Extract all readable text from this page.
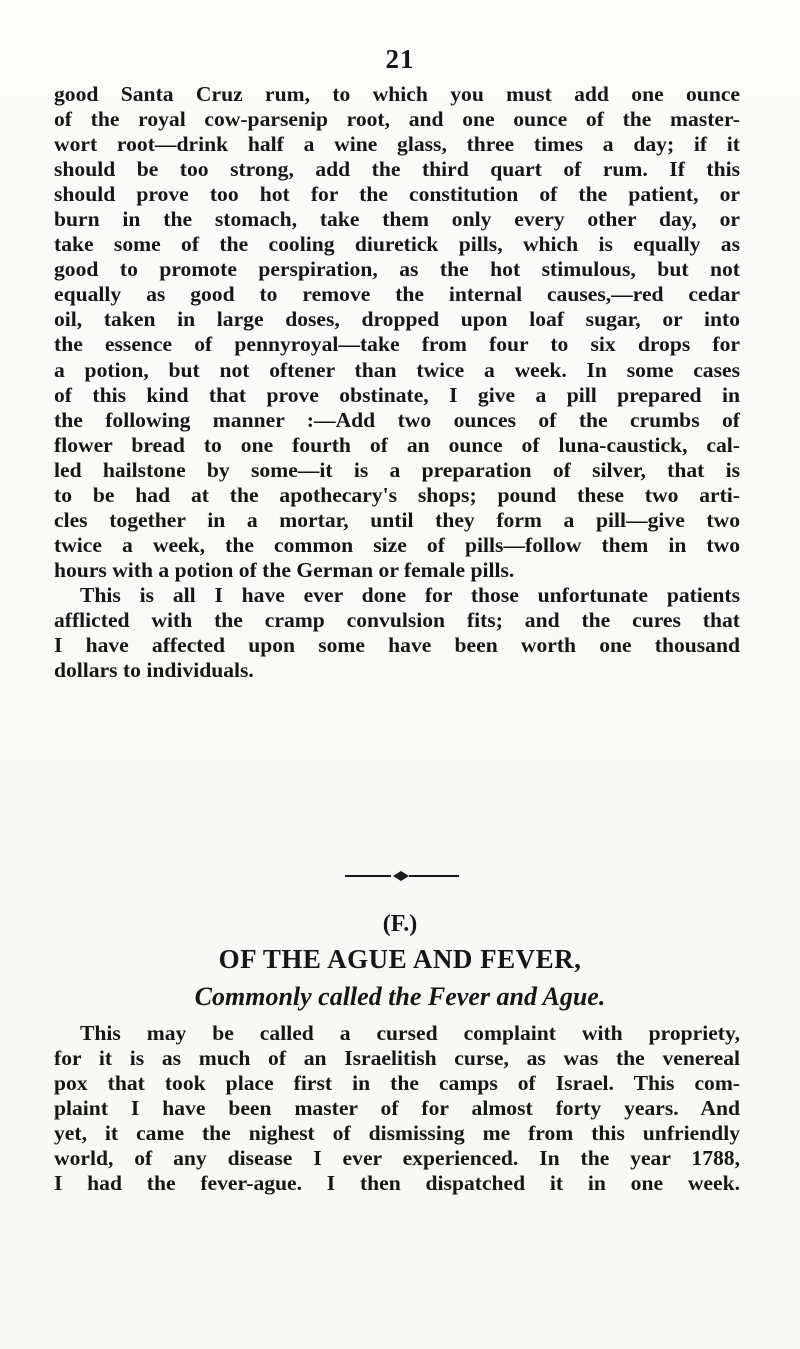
21
good Santa Cruz rum, to which you must add one ounce
of the royal cow-parsenip root, and one ounce of the master-
wort root—drink half a wine glass, three times a day; if it
should be too strong, add the third quart of rum. If this
should prove too hot for the constitution of the patient, or
burn in the stomach, take them only every other day, or
take some of the cooling diuretick pills, which is equally as
good to promote perspiration, as the hot stimulous, but not
equally as good to remove the internal causes,—red cedar
oil, taken in large doses, dropped upon loaf sugar, or into
the essence of pennyroyal—take from four to six drops for
a potion, but not oftener than twice a week. In some cases
of this kind that prove obstinate, I give a pill prepared in
the following manner :—Add two ounces of the crumbs of
flower bread to one fourth of an ounce of luna-caustick, cal-
led hailstone by some—it is a preparation of silver, that is
to be had at the apothecary's shops; pound these two arti-
cles together in a mortar, until they form a pill—give two
twice a week, the common size of pills—follow them in two
hours with a potion of the German or female pills.
This is all I have ever done for those unfortunate patients
afflicted with the cramp convulsion fits; and the cures that
I have affected upon some have been worth one thousand
dollars to individuals.
(F.)
OF THE AGUE AND FEVER,
Commonly called the Fever and Ague.
This may be called a cursed complaint with propriety,
for it is as much of an Israelitish curse, as was the venereal
pox that took place first in the camps of Israel. This com-
plaint I have been master of for almost forty years. And
yet, it came the nighest of dismissing me from this unfriendly
world, of any disease I ever experienced. In the year 1788,
I had the fever-ague. I then dispatched it in one week.
